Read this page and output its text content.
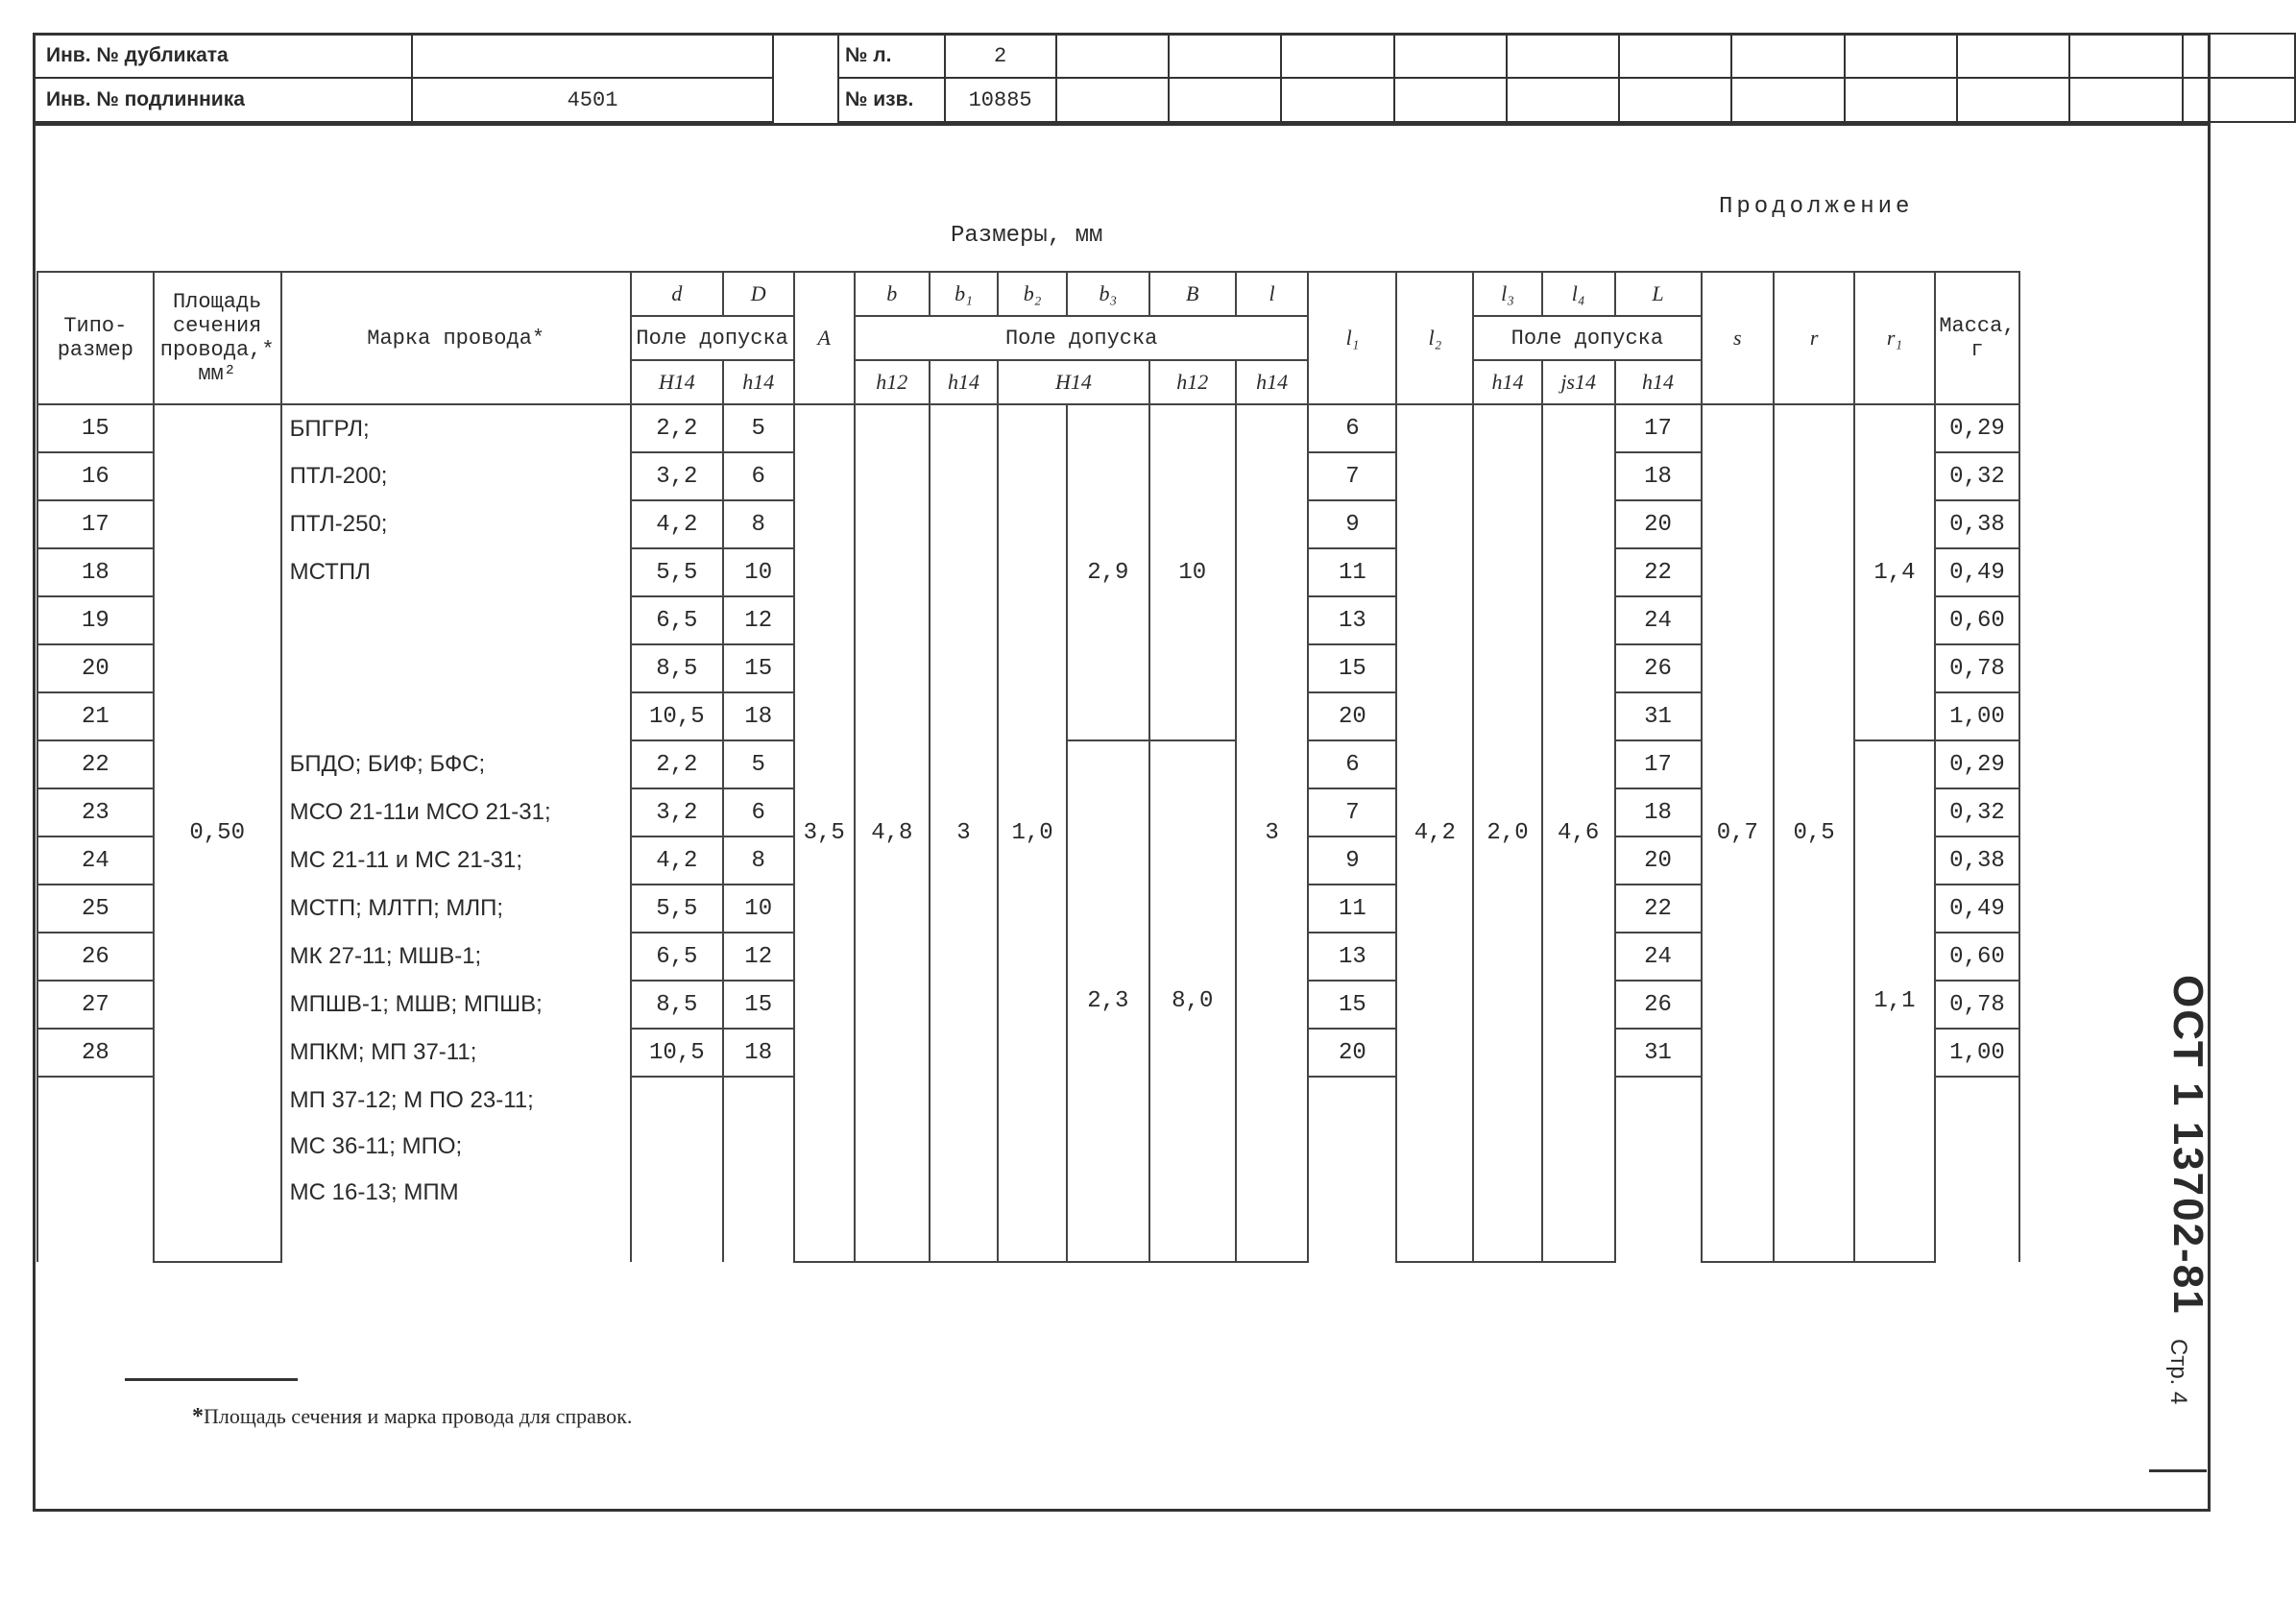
Инв. № дубликата	
Инв. № подлинника	4501
№ л.	2											
№ изв.	10885											
Продолжение
Размеры, мм
Типо-размер	Площадь сечения провода,* мм²	Марка провода*	d	D	A	b	b₁	b₂	b₃	B	l	l₁	l₂	l₃	l₄	L	s	r	r₁	Масса, г
			Поле допуска			Поле допуска								Поле допуска						
			H14	h14		h12	h14	H14		h12	h14			h14	js14	h14				
15	0,50	БПГРЛ;	2,2	5	3,5	4,8	3	1,0	2,9	10	3	6	4,2	2,0	4,6	17	0,7	0,5	1,4	0,29
16		ПТЛ-200;	3,2	6								7				18				0,32
17		ПТЛ-250;	4,2	8								9				20				0,38
18		МСТПЛ	5,5	10								11				22				0,49
19			6,5	12								13				24				0,60
20			8,5	15								15				26				0,78
21			10,5	18								20				31				1,00
22		БПДО; БИФ; БФС;	2,2	5					2,3	8,0		6				17			1,1	0,29
23		МСО 21-11и МСО 21-31;	3,2	6								7				18				0,32
24		МС 21-11 и МС 21-31;	4,2	8								9				20				0,38
25		МСТП; МЛТП; МЛП;	5,5	10								11				22				0,49
26		МК 27-11; МШВ-1;	6,5	12								13				24				0,60
27		МПШВ-1; МШВ; МПШВ;	8,5	15								15				26				0,78
28		МПКМ; МП 37-11;	10,5	18								20				31				1,00
		МП 37-12; М ПО 23-11;																		
		МС 36-11; МПО;																		
		МС 16-13; МПМ																		

*Площадь сечения и марка провода для справок.
ОСТ 1 13702-81
Стр. 4
